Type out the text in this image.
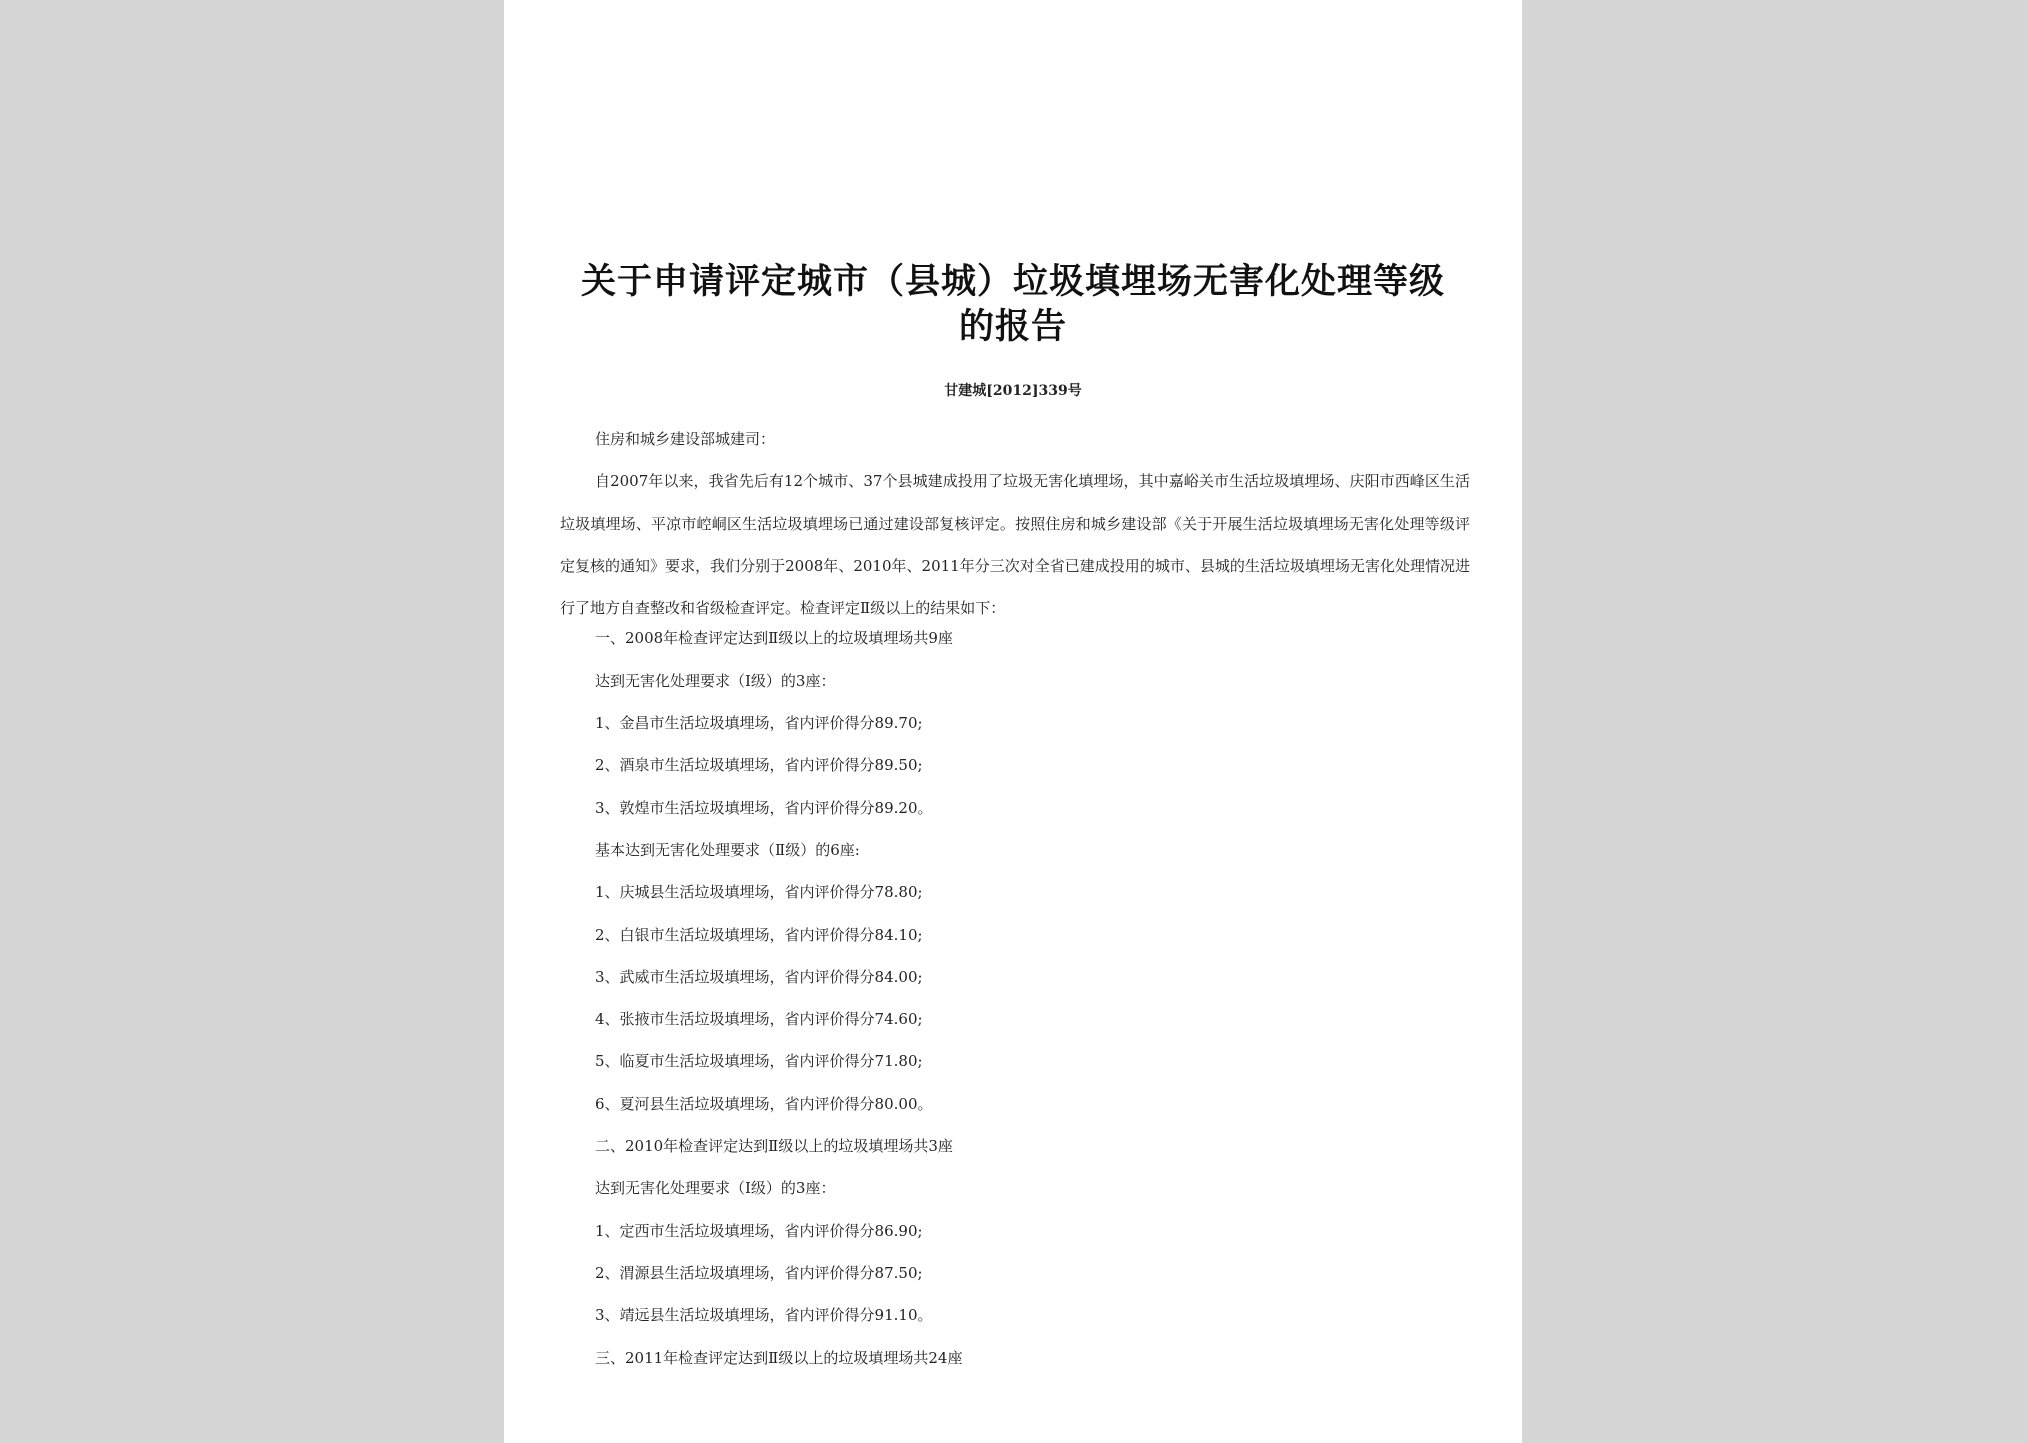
关于申请评定城市（县城）垃圾填埋场无害化处理等级
的报告
甘建城[2012]339号
住房和城乡建设部城建司：

自2007年以来，我省先后有12个城市、37个县城建成投用了垃圾无害化填埋场，其中嘉峪关市生活垃圾填埋场、庆阳市西峰区生活垃圾填埋场、平凉市崆峒区生活垃圾填埋场已通过建设部复核评定。按照住房和城乡建设部《关于开展生活垃圾填埋场无害化处理等级评定复核的通知》要求，我们分别于2008年、2010年、2011年分三次对全省已建成投用的城市、县城的生活垃圾填埋场无害化处理情况进行了地方自查整改和省级检查评定。检查评定Ⅱ级以上的结果如下：

一、2008年检查评定达到Ⅱ级以上的垃圾填埋场共9座
达到无害化处理要求（Ⅰ级）的3座：
1、金昌市生活垃圾填埋场，省内评价得分89.70;
2、酒泉市生活垃圾填埋场，省内评价得分89.50;
3、敦煌市生活垃圾填埋场，省内评价得分89.20。
基本达到无害化处理要求（Ⅱ级）的6座:
1、庆城县生活垃圾填埋场，省内评价得分78.80;
2、白银市生活垃圾填埋场，省内评价得分84.10;
3、武威市生活垃圾填埋场，省内评价得分84.00;
4、张掖市生活垃圾填埋场，省内评价得分74.60;
5、临夏市生活垃圾填埋场，省内评价得分71.80;
6、夏河县生活垃圾填埋场，省内评价得分80.00。
二、2010年检查评定达到Ⅱ级以上的垃圾填埋场共3座
达到无害化处理要求（Ⅰ级）的3座：
1、定西市生活垃圾填埋场，省内评价得分86.90;
2、渭源县生活垃圾填埋场，省内评价得分87.50;
3、靖远县生活垃圾填埋场，省内评价得分91.10。
三、2011年检查评定达到Ⅱ级以上的垃圾填埋场共24座
